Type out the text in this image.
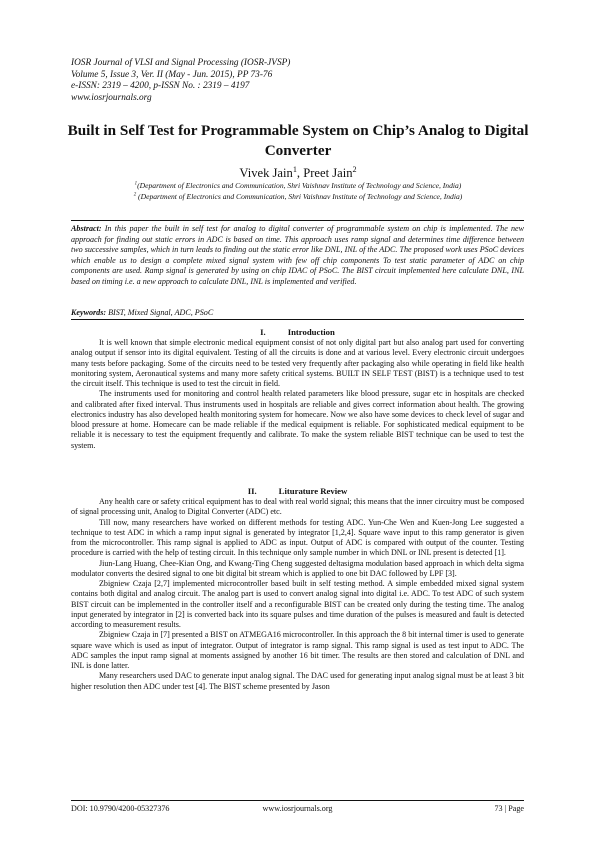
IOSR Journal of VLSI and Signal Processing (IOSR-JVSP)
Volume 5, Issue 3, Ver. II (May - Jun. 2015), PP 73-76
e-ISSN: 2319 – 4200, p-ISSN No. : 2319 – 4197
www.iosrjournals.org
Built in Self Test for Programmable System on Chip’s Analog to Digital Converter
Vivek Jain$^1$, Preet Jain$^2$
$^1$(Department of Electronics and Communication, Shri Vaishnav Institute of Technology and Science, India)
$^2$ (Department of Electronics and Communication, Shri Vaishnav Institute of Technology and Science, India)
Abstract: In this paper the built in self test for analog to digital converter of programmable system on chip is implemented. The new approach for finding out static errors in ADC is based on time. This approach uses ramp signal and determines time difference between two successive samples, which in turn leads to finding out the static error like DNL, INL of the ADC. The proposed work uses PSoC devices which enable us to design a complete mixed signal system with few off chip components To test static parameter of ADC on chip components are used. Ramp signal is generated by using on chip IDAC of PSoC. The BIST circuit implemented here calculate DNL, INL based on timing i.e. a new approach to calculate DNL, INL is implemented and verified.
Keywords: BIST, Mixed Signal, ADC, PSoC
I.	Introduction

It is well known that simple electronic medical equipment consist of not only digital part but also analog part used for converting analog output if sensor into its digital equivalent. Testing of all the circuits is done and at various level. Every electronic circuit undergoes many tests before packaging. Some of the circuits need to be tested very frequently after packaging also while operating in field like health monitoring system, Aeronautical systems and many more safety critical systems. BUILT IN SELF TEST (BIST) is a technique used to test the circuit itself. This technique is used to test the circuit in field.

The instruments used for monitoring and control health related parameters like blood pressure, sugar etc in hospitals are checked and calibrated after fixed interval. Thus instruments used in hospitals are reliable and gives correct information about health. The growing electronics industry has also developed health monitoring system for homecare. Now we also have some devices to check level of sugar and blood pressure at home. Homecare can be made reliable if the medical equipment is reliable. For sophisticated medical equipment to be reliable it is necessary to test the equipment frequently and calibrate. To make the system reliable BIST technique can be used to test the system.

II.	Liturature Review

Any health care or safety critical equipment has to deal with real world signal; this means that the inner circuitry must be composed of signal processing unit, Analog to Digital Converter (ADC) etc.

Till now, many researchers have worked on different methods for testing ADC. Yun-Che Wen and Kuen-Jong Lee suggested a technique to test ADC in which a ramp input signal is generated by integrator [1,2,4]. Square wave input to this ramp generator is given from the microcontroller. This ramp signal is applied to ADC as input. Output of ADC is compared with output of the counter. Testing procedure is carried with the help of testing circuit. In this technique only sample number in which DNL or INL present is detected [1].

Jiun-Lang Huang, Chee-Kian Ong, and Kwang-Ting Cheng suggested deltasigma modulation based approach in which delta sigma modulator converts the desired signal to one bit digital bit stream which is applied to one bit DAC followed by LPF [3].

Zbigniew Czaja [2,7] implemented microcontroller based built in self testing method. A simple embedded mixed signal system contains both digital and analog circuit. The analog part is used to convert analog signal into digital i.e. ADC. To test ADC of such system BIST circuit can be implemented in the controller itself and a reconfigurable BIST can be created only during the testing time. The analog input generated by integrator in [2] is converted back into its square pulses and time duration of the pulses is measured and fault is detected according to measurement results.

Zbigniew Czaja in [7] presented a BIST on ATMEGA16 microcontroller. In this approach the 8 bit internal timer is used to generate square wave which is used as input of integrator. Output of integrator is ramp signal. This ramp signal is used as test input to ADC. The ADC samples the input ramp signal at moments assigned by another 16 bit timer. The results are then stored and calculation of DNL and INL is done latter.

Many researchers used DAC to generate input analog signal. The DAC used for generating input analog signal must be at least 3 bit higher resolution then ADC under test [4]. The BIST scheme presented by Jason

www.iosrjournals.org
DOI: 10.9790/4200-05327376	73 | Page
